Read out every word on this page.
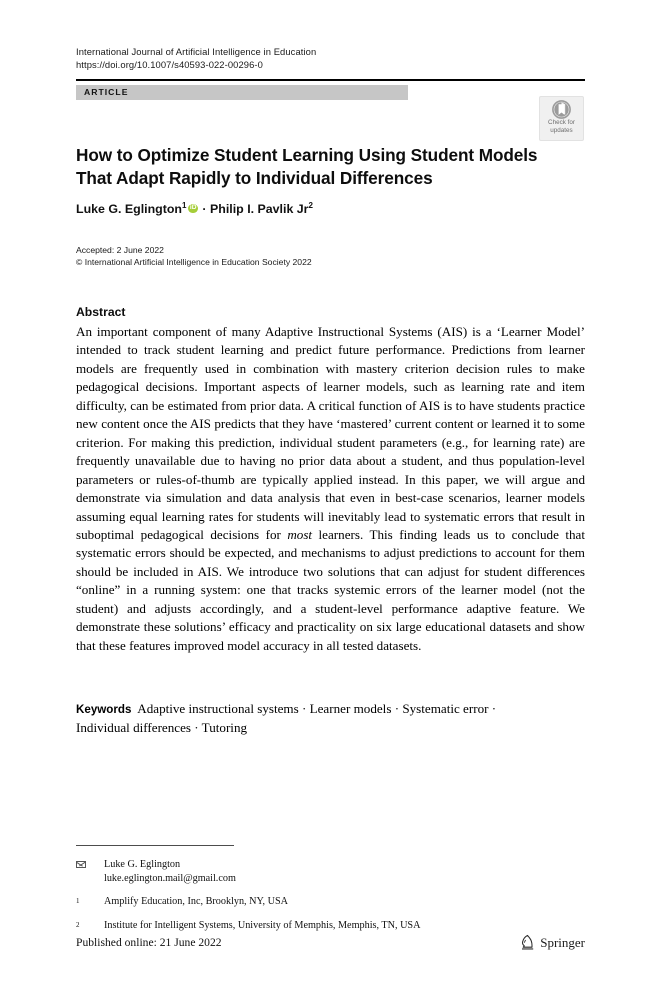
International Journal of Artificial Intelligence in Education
https://doi.org/10.1007/s40593-022-00296-0
ARTICLE
Check for
updates
How to Optimize Student Learning Using Student Models That Adapt Rapidly to Individual Differences
Luke G. Eglington$^1$ iD · Philip I. Pavlik Jr$^2$
Accepted: 2 June 2022
© International Artificial Intelligence in Education Society 2022
Abstract
An important component of many Adaptive Instructional Systems (AIS) is a ‘Learner Model’ intended to track student learning and predict future performance. Predictions from learner models are frequently used in combination with mastery criterion decision rules to make pedagogical decisions. Important aspects of learner models, such as learning rate and item difficulty, can be estimated from prior data. A critical function of AIS is to have students practice new content once the AIS predicts that they have ‘mastered’ current content or learned it to some criterion. For making this prediction, individual student parameters (e.g., for learning rate) are frequently unavailable due to having no prior data about a student, and thus population-level parameters or rules-of-thumb are typically applied instead. In this paper, we will argue and demonstrate via simulation and data analysis that even in best-case scenarios, learner models assuming equal learning rates for students will inevitably lead to systematic errors that result in suboptimal pedagogical decisions for most learners. This finding leads us to conclude that systematic errors should be expected, and mechanisms to adjust predictions to account for them should be included in AIS. We introduce two solutions that can adjust for student differences “online” in a running system: one that tracks systemic errors of the learner model (not the student) and adjusts accordingly, and a student-level performance adaptive feature. We demonstrate these solutions’ efficacy and practicality on six large educational datasets and show that these features improved model accuracy in all tested datasets.
Keywords Adaptive instructional systems · Learner models · Systematic error · Individual differences · Tutoring
Luke G. Eglington
luke.eglington.mail@gmail.com
1	Amplify Education, Inc, Brooklyn, NY, USA
2	Institute for Intelligent Systems, University of Memphis, Memphis, TN, USA
Published online: 21 June 2022	Springer
